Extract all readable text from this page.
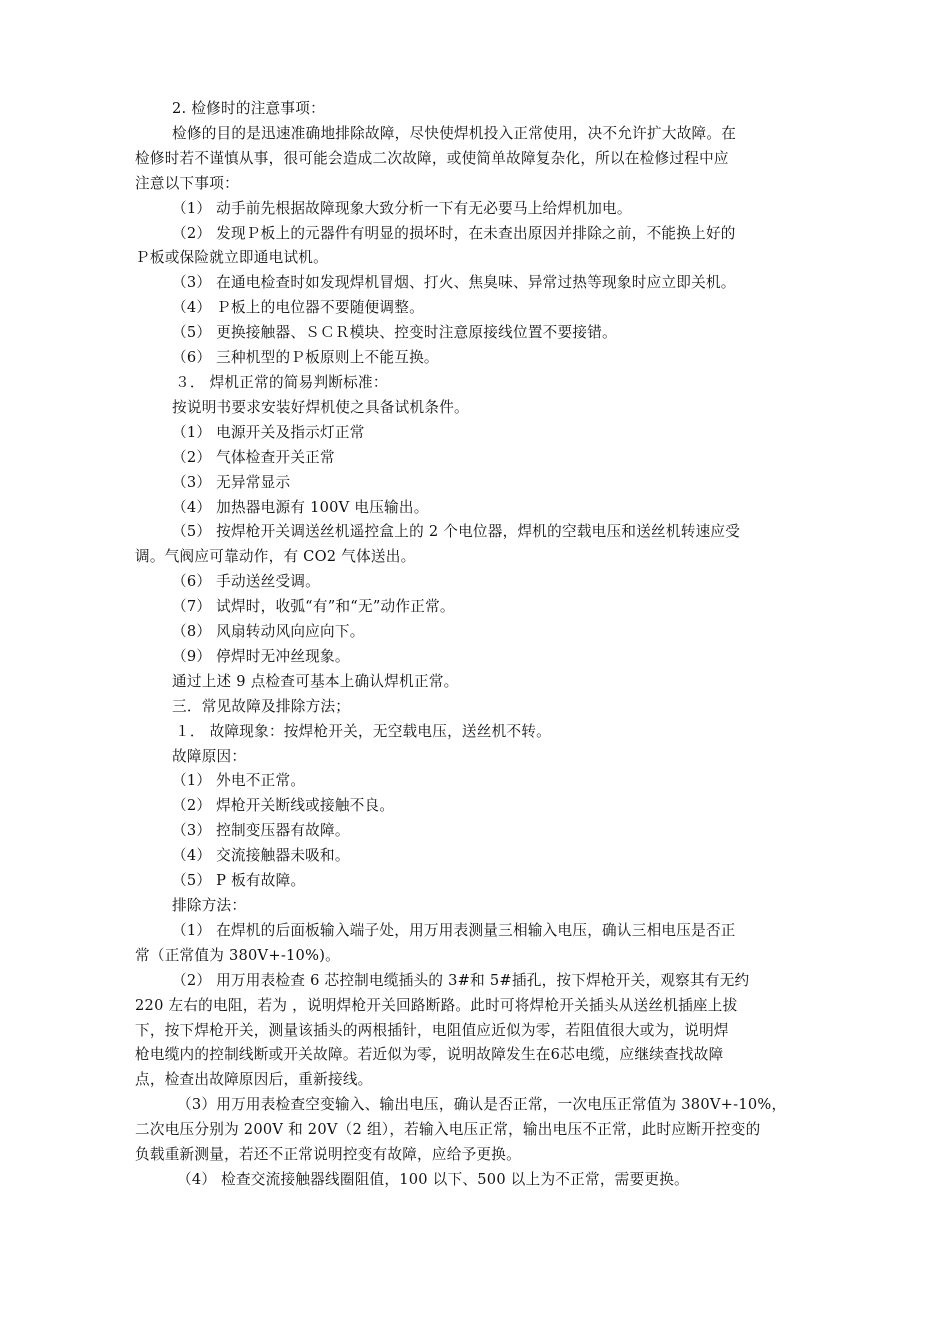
2. 检修时的注意事项：
检修的目的是迅速准确地排除故障，尽快使焊机投入正常使用，决不允许扩大故障。在
检修时若不谨慎从事，很可能会造成二次故障，或使简单故障复杂化，所以在检修过程中应
注意以下事项：
（1） 动手前先根据故障现象大致分析一下有无必要马上给焊机加电。
（2） 发现Ｐ板上的元器件有明显的损坏时，在未查出原因并排除之前，不能换上好的
Ｐ板或保险就立即通电试机。
（3） 在通电检查时如发现焊机冒烟、打火、焦臭味、异常过热等现象时应立即关机。
（4） Ｐ板上的电位器不要随便调整。
（5） 更换接触器、ＳＣＲ模块、控变时注意原接线位置不要接错。
（6） 三种机型的Ｐ板原则上不能互换。
３． 焊机正常的简易判断标准：
按说明书要求安装好焊机使之具备试机条件。
（1） 电源开关及指示灯正常
（2） 气体检查开关正常
（3） 无异常显示
（4） 加热器电源有 100V 电压输出。
（5） 按焊枪开关调送丝机遥控盒上的 2 个电位器，焊机的空载电压和送丝机转速应受
调。气阀应可靠动作，有 CO2 气体送出。
（6） 手动送丝受调。
（7） 试焊时，收弧“有”和“无”动作正常。
（8） 风扇转动风向应向下。
（9） 停焊时无冲丝现象。
通过上述 9 点检查可基本上确认焊机正常。
三．常见故障及排除方法；
１． 故障现象：按焊枪开关，无空载电压，送丝机不转。
故障原因：
（1） 外电不正常。
（2） 焊枪开关断线或接触不良。
（3） 控制变压器有故障。
（4） 交流接触器未吸和。
（5） P 板有故障。
排除方法：
（1） 在焊机的后面板输入端子处，用万用表测量三相输入电压，确认三相电压是否正
常（正常值为 380V+-10%)。
（2） 用万用表检查 6 芯控制电缆插头的 3#和 5#插孔，按下焊枪开关，观察其有无约
220 左右的电阻，若为 ，说明焊枪开关回路断路。此时可将焊枪开关插头从送丝机插座上拔
下，按下焊枪开关，测量该插头的两根插针，电阻值应近似为零，若阻值很大或为，说明焊
枪电缆内的控制线断或开关故障。若近似为零，说明故障发生在6芯电缆，应继续查找故障
点，检查出故障原因后，重新接线。
（3）用万用表检查空变输入、输出电压，确认是否正常，一次电压正常值为 380V+-10%，
二次电压分别为 200V 和 20V（2 组），若输入电压正常，输出电压不正常，此时应断开控变的
负载重新测量，若还不正常说明控变有故障，应给予更换。
（4） 检查交流接触器线圈阻值，100 以下、500 以上为不正常，需要更换。
